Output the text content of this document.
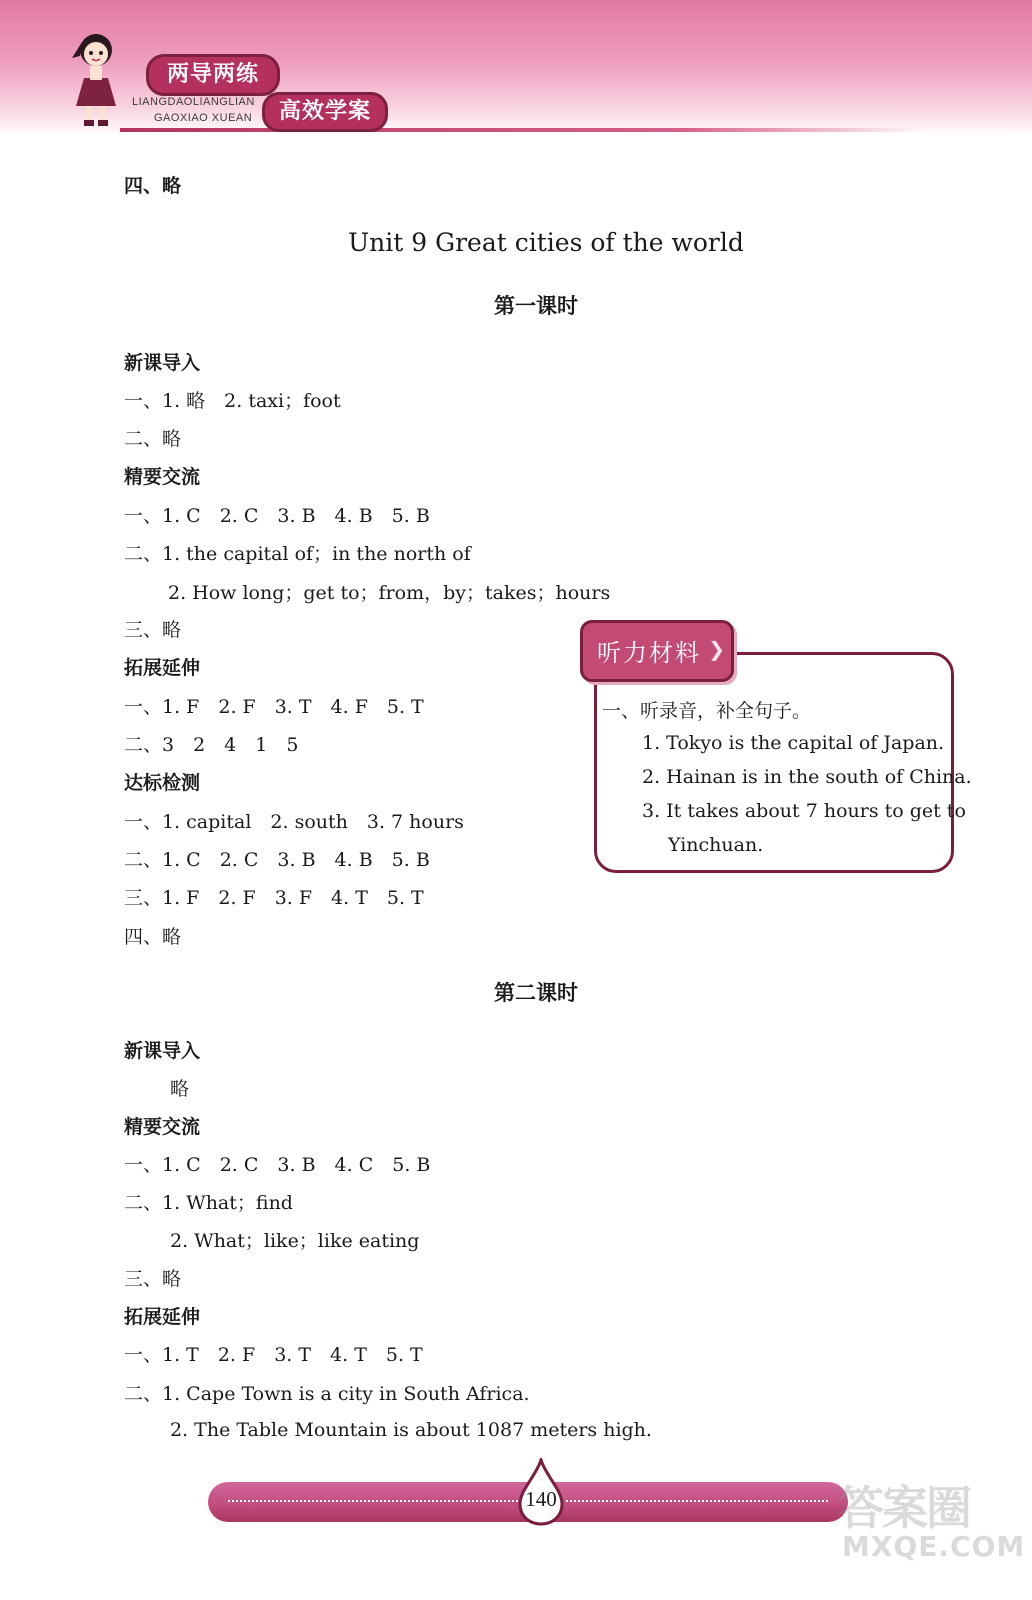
两导两练
LIANGDAOLIANGLIAN
GAOXIAO XUEAN	高效学案
四、略
Unit 9 Great cities of the world
第一课时
新课导入
一、1. 略　2. taxi；foot
二、略
精要交流
一、1. C　2. C　3. B　4. B　5. B
二、1. the capital of；in the north of
2. How long；get to；from，by；takes；hours
三、略
拓展延伸
一、1. F　2. F　3. T　4. F　5. T
二、3　2　4　1　5
达标检测
一、1. capital　2. south　3. 7 hours
二、1. C　2. C　3. B　4. B　5. B
三、1. F　2. F　3. F　4. T　5. T
四、略
第二课时
新课导入
略
精要交流
一、1. C　2. C　3. B　4. C　5. B
二、1. What；find
2. What；like；like eating
三、略
拓展延伸
一、1. T　2. F　3. T　4. T　5. T
二、1. Cape Town is a city in South Africa.
2. The Table Mountain is about 1087 meters high.
听力材料 ❯
一、听录音，补全句子。
1. Tokyo is the capital of Japan.
2. Hainan is in the south of China.
3. It takes about 7 hours to get to
Yinchuan.
140	答案圈
MXQE.COM
